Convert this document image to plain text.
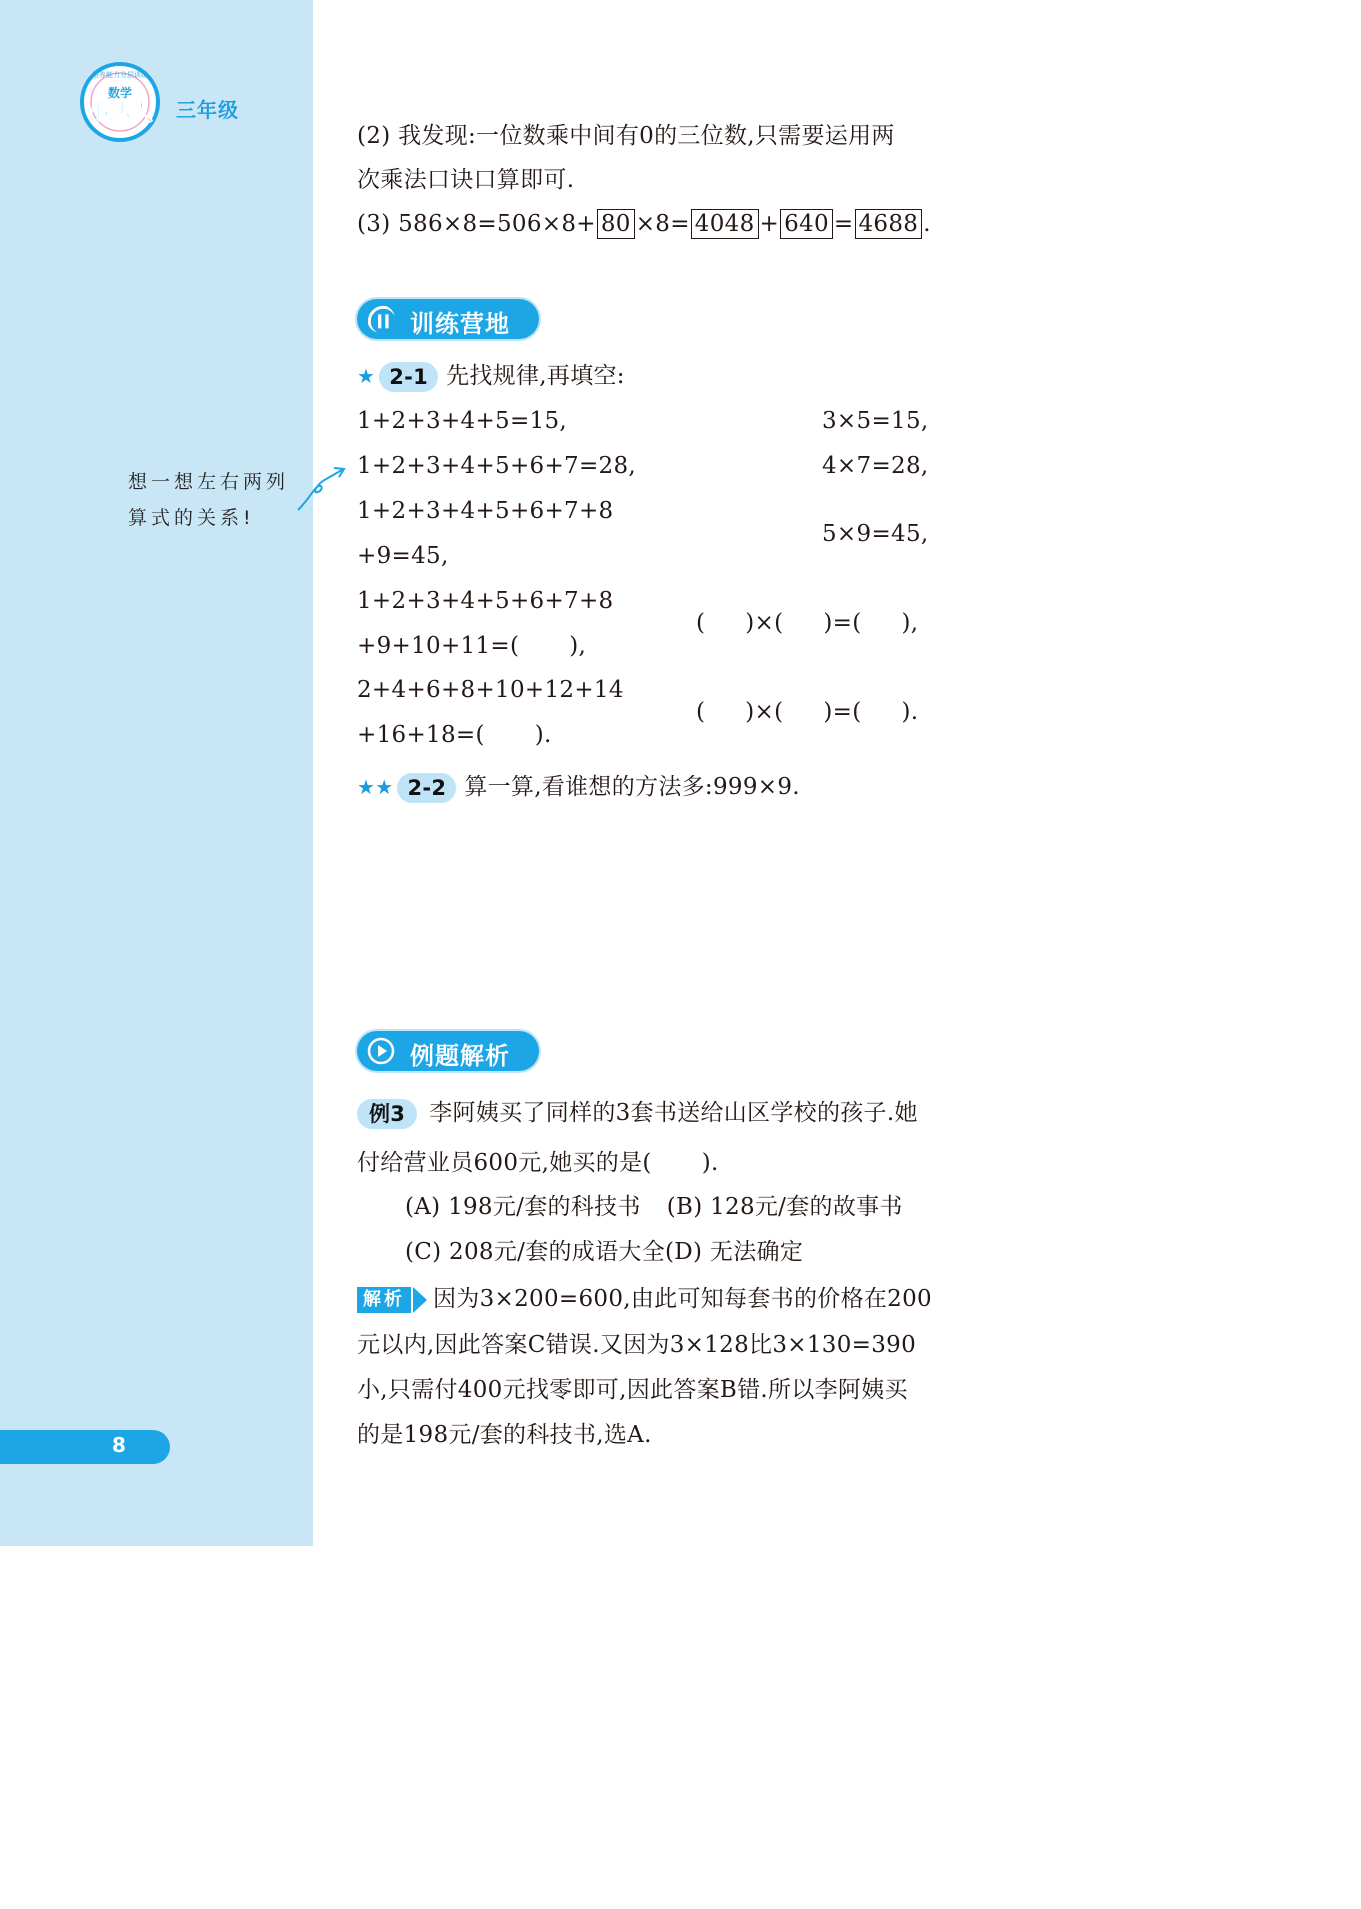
培养能力分层训练
数学
小达人 三年级
想一想左右两列
算式的关系!
8
(2) 我发现:一位数乘中间有0的三位数,只需要运用两
次乘法口诀口算即可.
(3) 586×8=506×8+ 80 ×8= 4048 + 640 = 4688 .
训练营地
★ 2-1 先找规律,再填空:
1+2+3+4+5=15,
1+2+3+4+5+6+7=28,
1+2+3+4+5+6+7+8
+9=45,
1+2+3+4+5+6+7+8
+9+10+11=( ),
2+4+6+8+10+12+14
+16+18=( ).
3×5=15,
4×7=28,
5×9=45,
( )×( )=( ),
( )×( )=( ).
★★ 2-2 算一算,看谁想的方法多:999×9.
例题解析
例3 李阿姨买了同样的3套书送给山区学校的孩子.她
付给营业员600元,她买的是( ).
(A) 198元/套的科技书 (B) 128元/套的故事书
(C) 208元/套的成语大全(D) 无法确定
解析 因为3×200=600,由此可知每套书的价格在200
元以内,因此答案C错误.又因为3×128比3×130=390
小,只需付400元找零即可,因此答案B错.所以李阿姨买
的是198元/套的科技书,选A.
